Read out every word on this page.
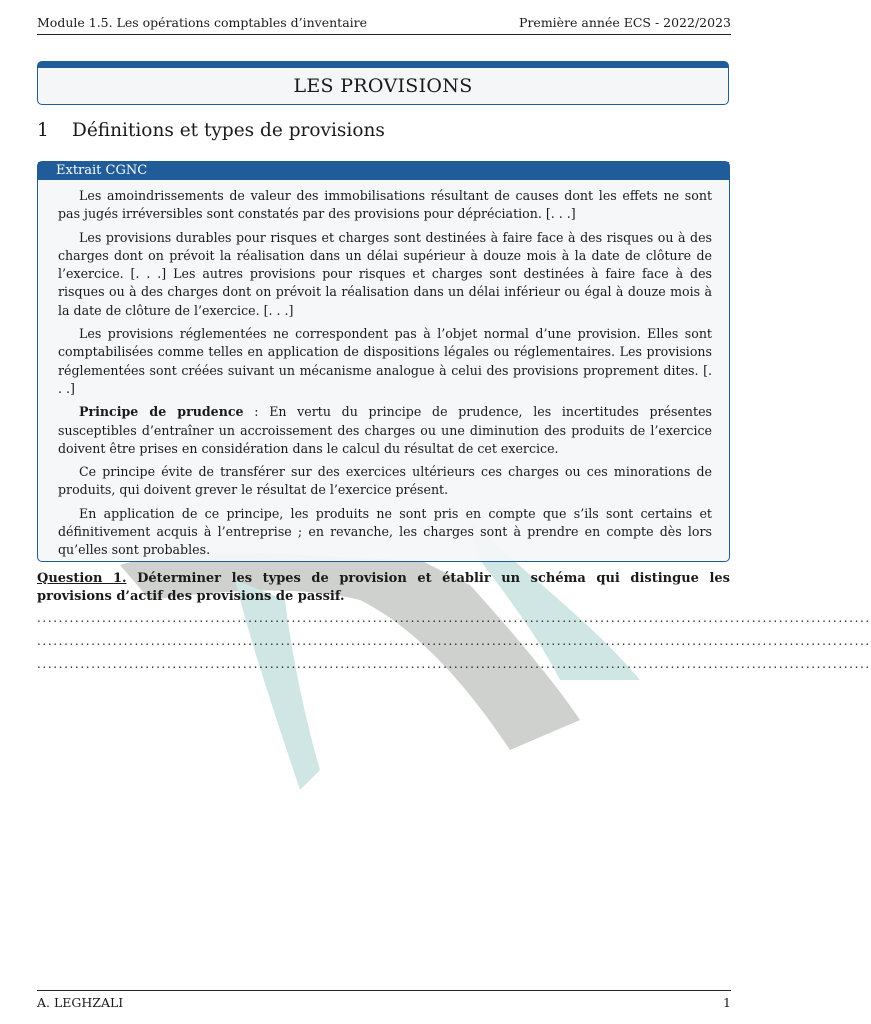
Module 1.5. Les opérations comptables d’inventaire	Première année ECS - 2022/2023
LES PROVISIONS
1 Définitions et types de provisions
Extrait CGNC

Les amoindrissements de valeur des immobilisations résultant de causes dont les effets ne sont pas jugés irréversibles sont constatés par des provisions pour dépréciation. [. . .]

Les provisions durables pour risques et charges sont destinées à faire face à des risques ou à des charges dont on prévoit la réalisation dans un délai supérieur à douze mois à la date de clôture de l’exercice. [. . .] Les autres provisions pour risques et charges sont destinées à faire face à des risques ou à des charges dont on prévoit la réalisation dans un délai inférieur ou égal à douze mois à la date de clôture de l’exercice. [. . .]

Les provisions réglementées ne correspondent pas à l’objet normal d’une provision. Elles sont comptabilisées comme telles en application de dispositions légales ou réglementaires. Les provisions réglementées sont créées suivant un mécanisme analogue à celui des provisions proprement dites. [. . .]

Principe de prudence : En vertu du principe de prudence, les incertitudes présentes susceptibles d’entraîner un accroissement des charges ou une diminution des produits de l’exercice doivent être prises en considération dans le calcul du résultat de cet exercice.

Ce principe évite de transférer sur des exercices ultérieurs ces charges ou ces minorations de produits, qui doivent grever le résultat de l’exercice présent.

En application de ce principe, les produits ne sont pris en compte que s’ils sont certains et définitivement acquis à l’entreprise ; en revanche, les charges sont à prendre en compte dès lors qu’elles sont probables.

Question 1. Déterminer les types de provision et établir un schéma qui distingue les provisions d’actif des provisions de passif.
..........................................................................................................................................................
..........................................................................................................................................................
..........................................................................................................................................................
A. LEGHZALI	1
